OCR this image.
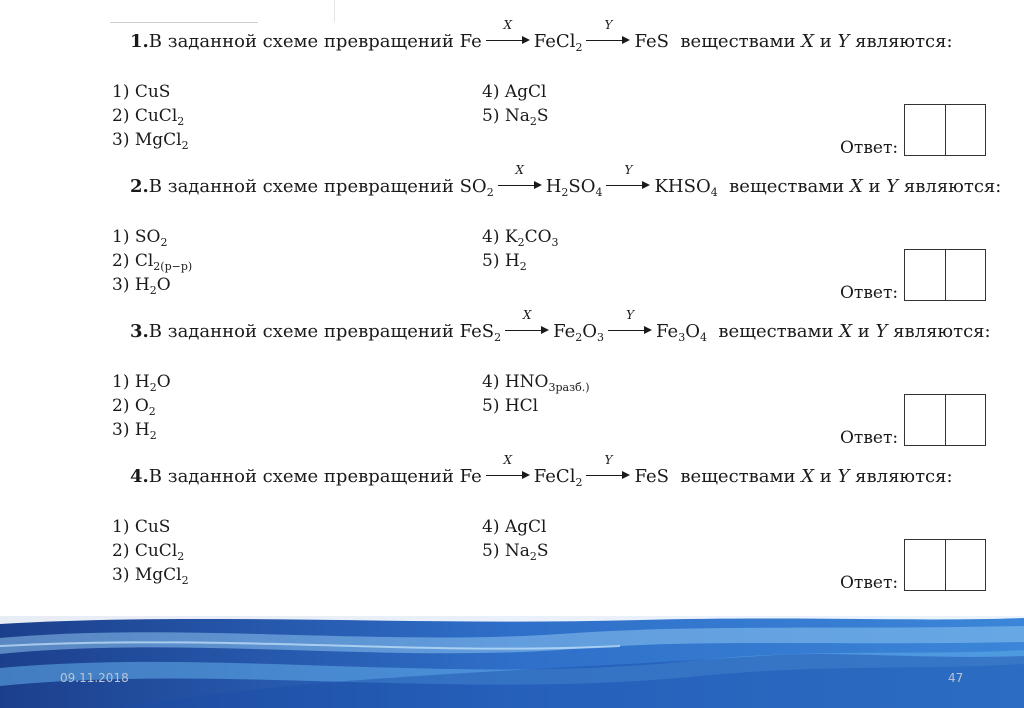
1.В заданной схеме превращений Fe
X
FeCl$_2$
Y
FeS веществами X и Y являются:
1) CuS
2) CuCl$_2$
3) MgCl$_2$
4) AgCl
5) $Na_2S$
Ответ:
2.В заданной схеме превращений $SO_2$
X
$H_2SO_4$
Y
$KHSO_4$ веществами X и Y являются:
1) $SO_2$
2) $Cl_{2(р-р)}$
3) $H_2O$
4) $K_2CO_3$
5) $H_2$
Ответ:
3.В заданной схеме превращений FeS$_2$
X
$Fe_2O_3$
Y
$Fe_3O_4$ веществами X и Y являются:
1) $H_2O$
2) $O_2$
3) $H_2$
4) $HNO_{3разб.)}$
5) HCl
Ответ:
4.В заданной схеме превращений Fe
X
FeCl$_2$
Y
FeS веществами X и Y являются:
1) CuS
2) CuCl$_2$
3) MgCl$_2$
4) AgCl
5) $Na_2S$
Ответ:
09.11.2018	47
